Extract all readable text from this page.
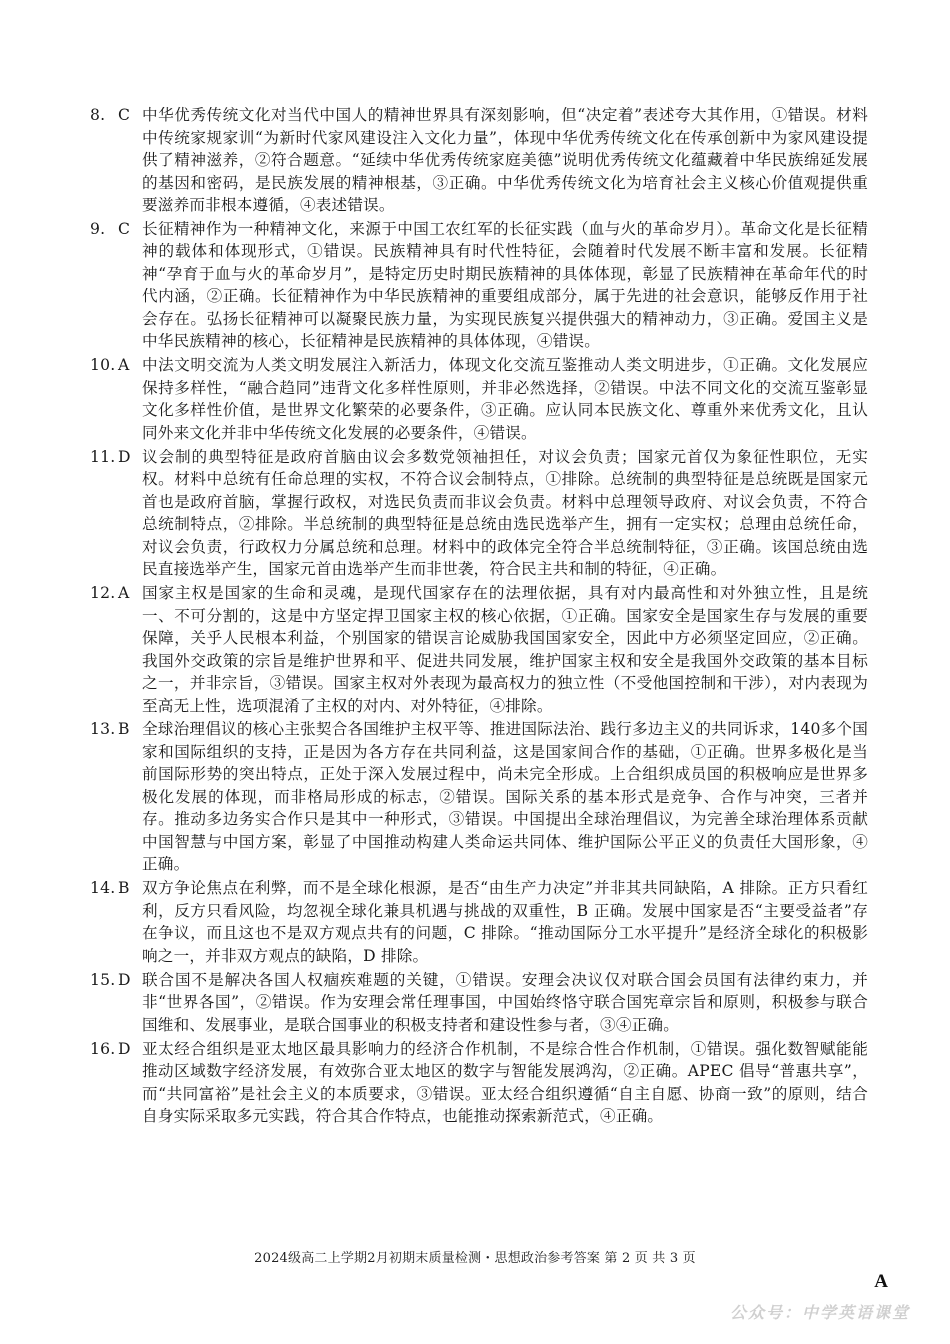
8. C 中华优秀传统文化对当代中国人的精神世界具有深刻影响，但“决定着”表述夸大其作用，①错误。材料中传统家规家训“为新时代家风建设注入文化力量”，体现中华优秀传统文化在传承创新中为家风建设提供了精神滋养，②符合题意。“延续中华优秀传统家庭美德”说明优秀传统文化蕴藏着中华民族绵延发展的基因和密码，是民族发展的精神根基，③正确。中华优秀传统文化为培育社会主义核心价值观提供重要滋养而非根本遵循，④表述错误。
9. C 长征精神作为一种精神文化，来源于中国工农红军的长征实践（血与火的革命岁月）。革命文化是长征精神的载体和体现形式，①错误。民族精神具有时代性特征，会随着时代发展不断丰富和发展。长征精神“孕育于血与火的革命岁月”，是特定历史时期民族精神的具体体现，彰显了民族精神在革命年代的时代内涵，②正确。长征精神作为中华民族精神的重要组成部分，属于先进的社会意识，能够反作用于社会存在。弘扬长征精神可以凝聚民族力量，为实现民族复兴提供强大的精神动力，③正确。爱国主义是中华民族精神的核心，长征精神是民族精神的具体体现，④错误。
10. A 中法文明交流为人类文明发展注入新活力，体现文化交流互鉴推动人类文明进步，①正确。文化发展应保持多样性，“融合趋同”违背文化多样性原则，并非必然选择，②错误。中法不同文化的交流互鉴彰显文化多样性价值，是世界文化繁荣的必要条件，③正确。应认同本民族文化、尊重外来优秀文化，且认同外来文化并非中华传统文化发展的必要条件，④错误。
11. D 议会制的典型特征是政府首脑由议会多数党领袖担任，对议会负责；国家元首仅为象征性职位，无实权。材料中总统有任命总理的实权，不符合议会制特点，①排除。总统制的典型特征是总统既是国家元首也是政府首脑，掌握行政权，对选民负责而非议会负责。材料中总理领导政府、对议会负责，不符合总统制特点，②排除。半总统制的典型特征是总统由选民选举产生，拥有一定实权；总理由总统任命，对议会负责，行政权力分属总统和总理。材料中的政体完全符合半总统制特征，③正确。该国总统由选民直接选举产生，国家元首由选举产生而非世袭，符合民主共和制的特征，④正确。
12. A 国家主权是国家的生命和灵魂，是现代国家存在的法理依据，具有对内最高性和对外独立性，且是统一、不可分割的，这是中方坚定捍卫国家主权的核心依据，①正确。国家安全是国家生存与发展的重要保障，关乎人民根本利益，个别国家的错误言论威胁我国国家安全，因此中方必须坚定回应，②正确。我国外交政策的宗旨是维护世界和平、促进共同发展，维护国家主权和安全是我国外交政策的基本目标之一，并非宗旨，③错误。国家主权对外表现为最高权力的独立性（不受他国控制和干涉），对内表现为至高无上性，选项混淆了主权的对内、对外特征，④排除。
13. B 全球治理倡议的核心主张契合各国维护主权平等、推进国际法治、践行多边主义的共同诉求，140多个国家和国际组织的支持，正是因为各方存在共同利益，这是国家间合作的基础，①正确。世界多极化是当前国际形势的突出特点，正处于深入发展过程中，尚未完全形成。上合组织成员国的积极响应是世界多极化发展的体现，而非格局形成的标志，②错误。国际关系的基本形式是竞争、合作与冲突，三者并存。推动多边务实合作只是其中一种形式，③错误。中国提出全球治理倡议，为完善全球治理体系贡献中国智慧与中国方案，彰显了中国推动构建人类命运共同体、维护国际公平正义的负责任大国形象，④正确。
14. B 双方争论焦点在利弊，而不是全球化根源，是否“由生产力决定”并非其共同缺陷，A 排除。正方只看红利，反方只看风险，均忽视全球化兼具机遇与挑战的双重性，B 正确。发展中国家是否“主要受益者”存在争议，而且这也不是双方观点共有的问题，C 排除。“推动国际分工水平提升”是经济全球化的积极影响之一，并非双方观点的缺陷，D 排除。
15. D 联合国不是解决各国人权痼疾难题的关键，①错误。安理会决议仅对联合国会员国有法律约束力，并非“世界各国”，②错误。作为安理会常任理事国，中国始终恪守联合国宪章宗旨和原则，积极参与联合国维和、发展事业，是联合国事业的积极支持者和建设性参与者，③④正确。
16. D 亚太经合组织是亚太地区最具影响力的经济合作机制，不是综合性合作机制，①错误。强化数智赋能能推动区域数字经济发展，有效弥合亚太地区的数字与智能发展鸿沟，②正确。APEC 倡导“普惠共享”，而“共同富裕”是社会主义的本质要求，③错误。亚太经合组织遵循“自主自愿、协商一致”的原则，结合自身实际采取多元实践，符合其合作特点，也能推动探索新范式，④正确。
2024级高二上学期2月初期末质量检测・思想政治参考答案 第 2 页 共 3 页
A
公众号：中学英语课堂
